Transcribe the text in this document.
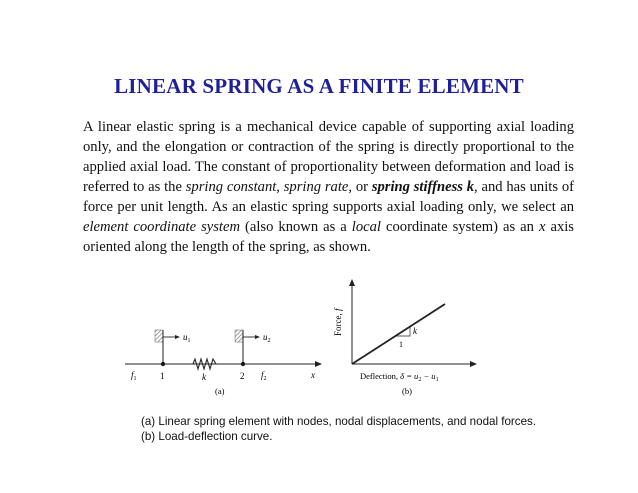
LINEAR SPRING AS A FINITE ELEMENT
A linear elastic spring is a mechanical device capable of supporting axial loading only, and the elongation or contraction of the spring is directly proportional to the applied axial load. The constant of proportionality between deformation and load is referred to as the spring constant, spring rate, or spring stiffness k, and has units of force per unit length. As an elastic spring supports axial loading only, we select an element coordinate system (also known as a local coordinate system) as an x axis oriented along the length of the spring, as shown.
$u_1$	$u_2$
$f_1$	1	k	2 $f_2$	x
(a)
k
1
Force, f
Deflection, $\delta = u_2 - u_1$
(b)
(a) Linear spring element with nodes, nodal displacements, and nodal forces.
(b) Load-deflection curve.
